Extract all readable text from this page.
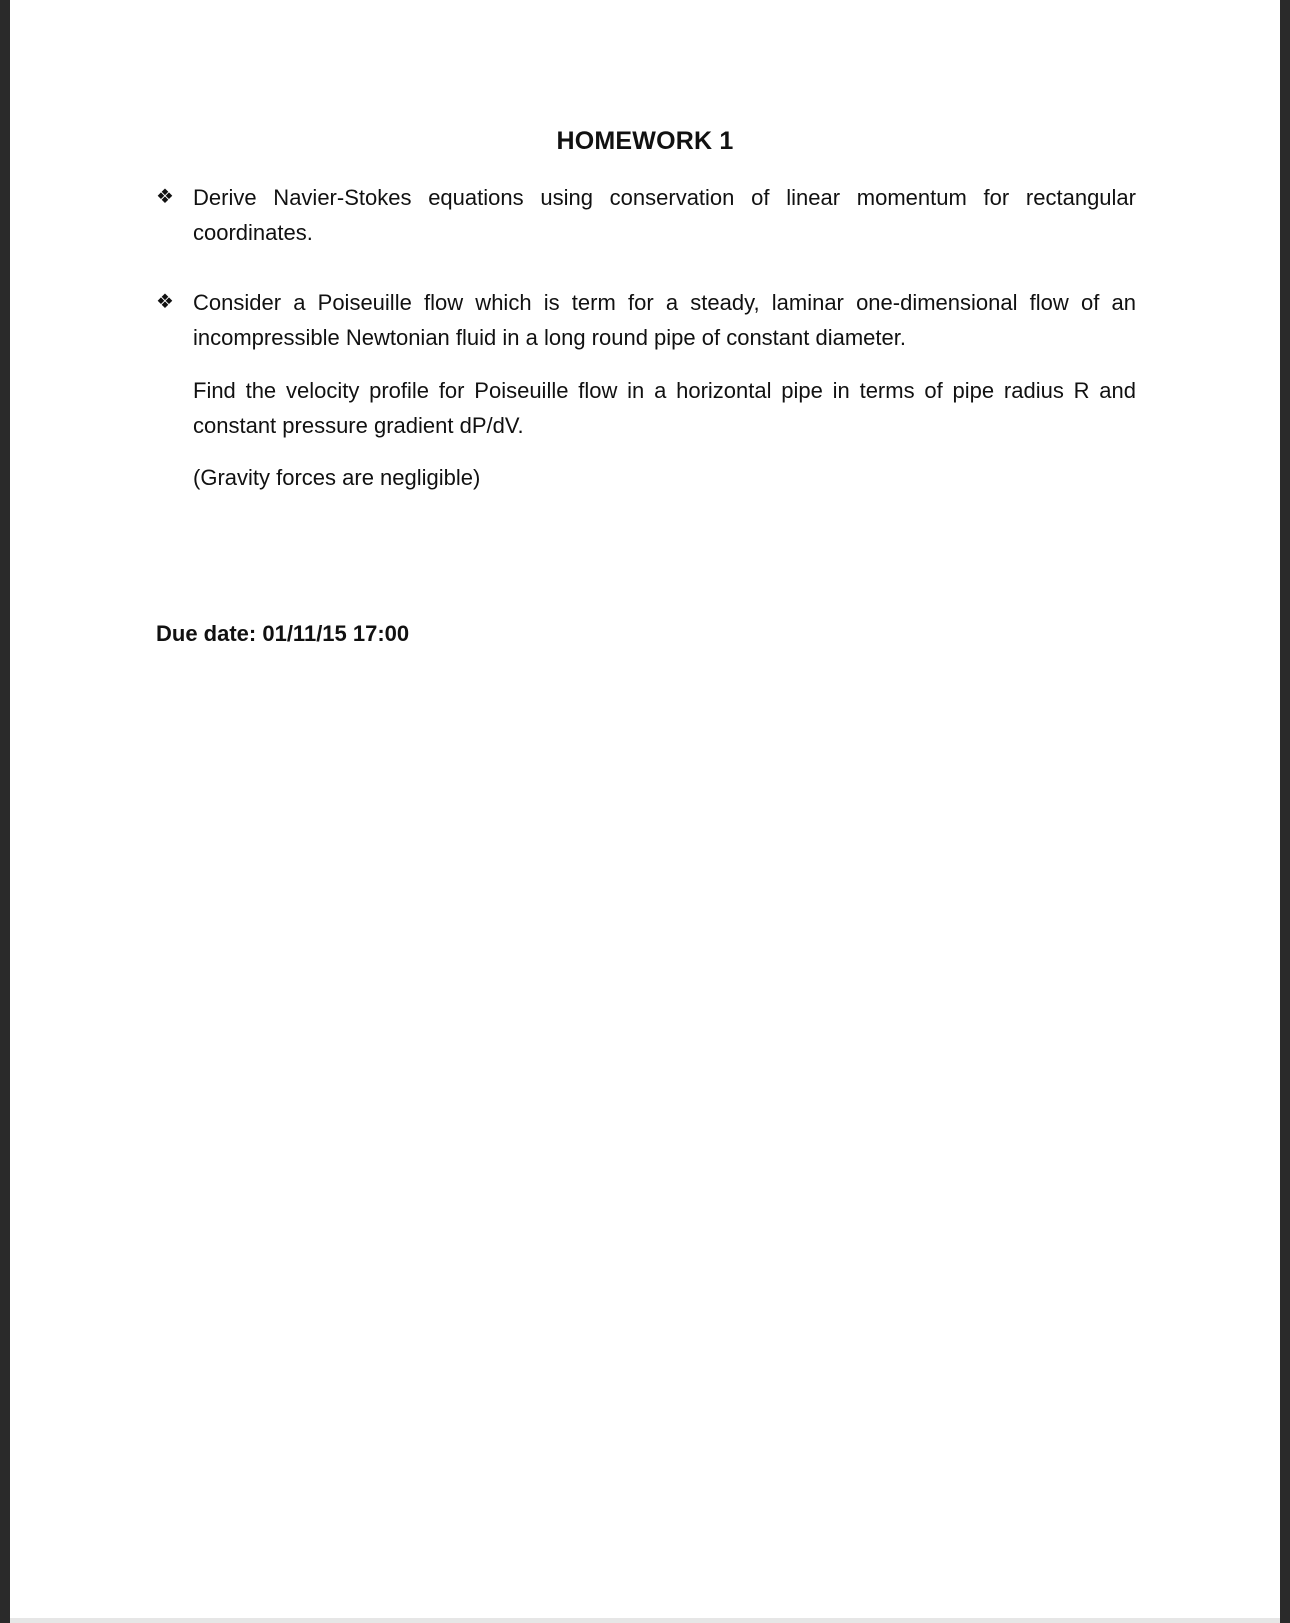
HOMEWORK 1
❖ Derive Navier-Stokes equations using conservation of linear momentum for rectangular coordinates.
❖ Consider a Poiseuille flow which is term for a steady, laminar one-dimensional flow of an incompressible Newtonian fluid in a long round pipe of constant diameter.
Find the velocity profile for Poiseuille flow in a horizontal pipe in terms of pipe radius R and constant pressure gradient dP/dV.
(Gravity forces are negligible)
Due date: 01/11/15 17:00
